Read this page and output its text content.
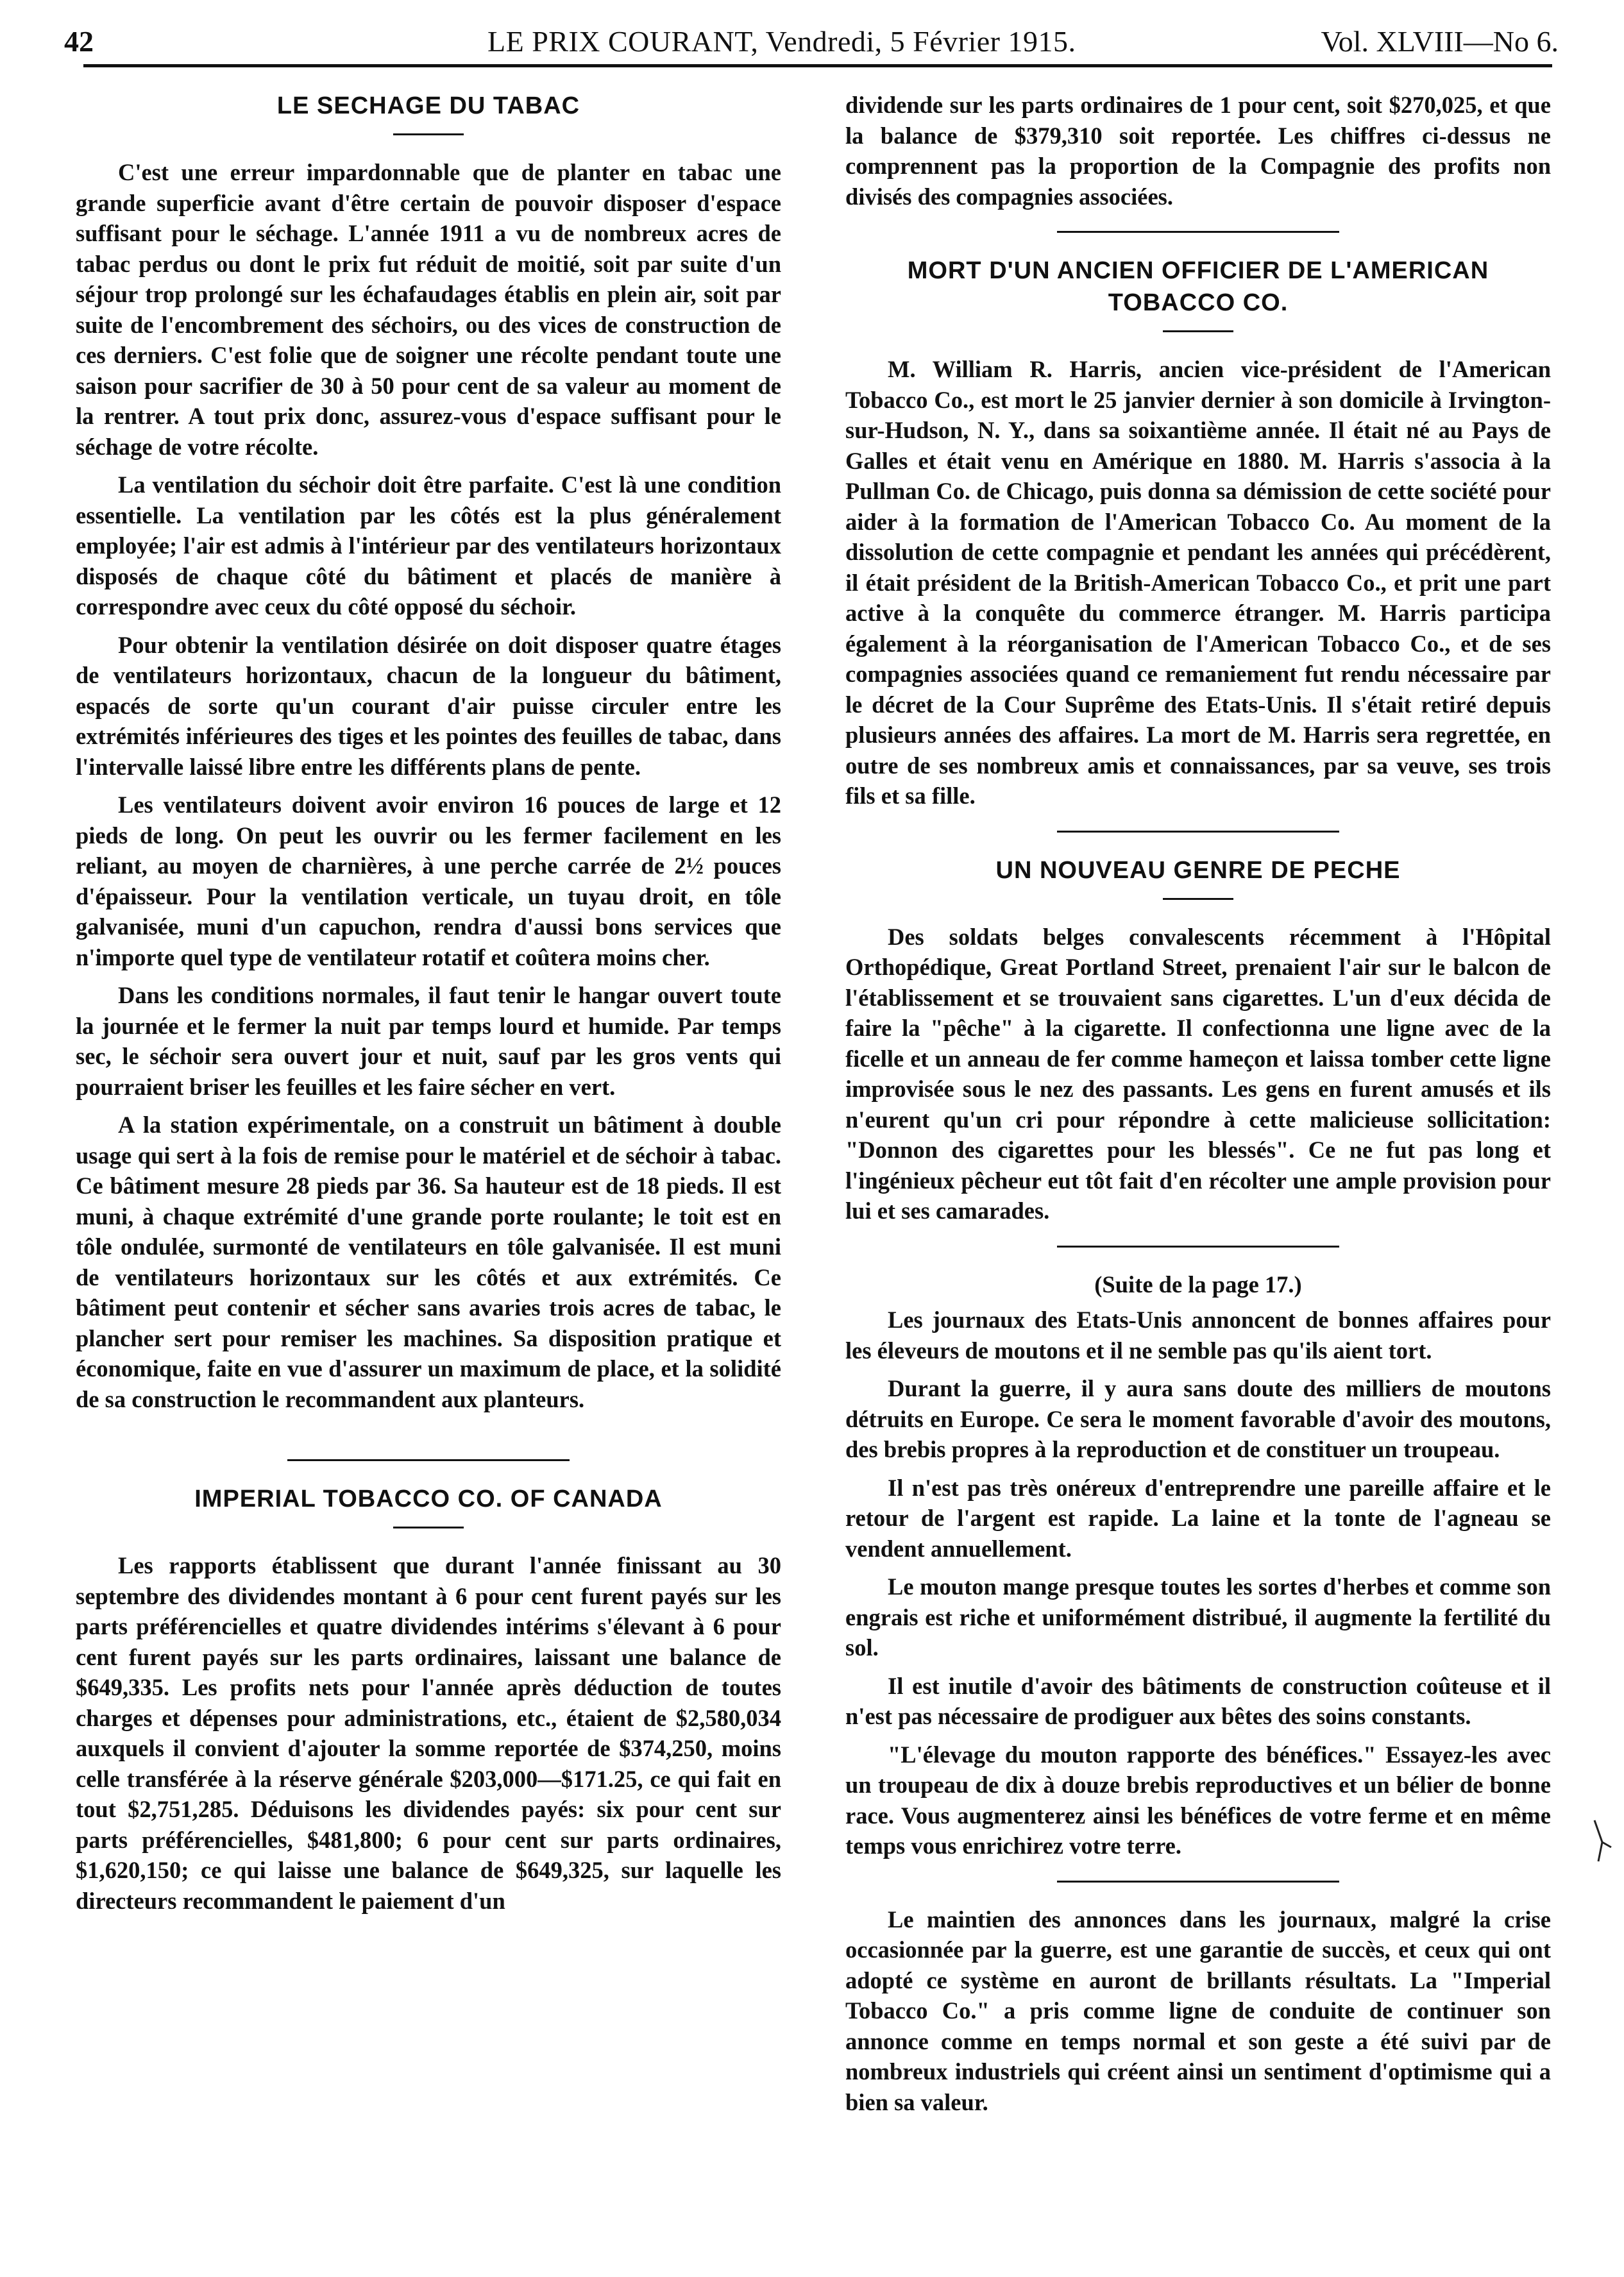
42	LE PRIX COURANT, Vendredi, 5 Février 1915.	Vol. XLVIII—No 6.
LE SECHAGE DU TABAC

C'est une erreur impardonnable que de planter en tabac une grande superficie avant d'être certain de pouvoir disposer d'espace suffisant pour le séchage. L'année 1911 a vu de nombreux acres de tabac perdus ou dont le prix fut réduit de moitié, soit par suite d'un séjour trop prolongé sur les échafaudages établis en plein air, soit par suite de l'encombrement des séchoirs, ou des vices de construction de ces derniers. C'est folie que de soigner une récolte pendant toute une saison pour sacrifier de 30 à 50 pour cent de sa valeur au moment de la rentrer. A tout prix donc, assurez-vous d'espace suffisant pour le séchage de votre récolte.

La ventilation du séchoir doit être parfaite. C'est là une condition essentielle. La ventilation par les côtés est la plus généralement employée; l'air est admis à l'intérieur par des ventilateurs horizontaux disposés de chaque côté du bâtiment et placés de manière à correspondre avec ceux du côté opposé du séchoir.

Pour obtenir la ventilation désirée on doit disposer quatre étages de ventilateurs horizontaux, chacun de la longueur du bâtiment, espacés de sorte qu'un courant d'air puisse circuler entre les extrémités inférieures des tiges et les pointes des feuilles de tabac, dans l'intervalle laissé libre entre les différents plans de pente.

Les ventilateurs doivent avoir environ 16 pouces de large et 12 pieds de long. On peut les ouvrir ou les fermer facilement en les reliant, au moyen de charnières, à une perche carrée de 2½ pouces d'épaisseur. Pour la ventilation verticale, un tuyau droit, en tôle galvanisée, muni d'un capuchon, rendra d'aussi bons services que n'importe quel type de ventilateur rotatif et coûtera moins cher.

Dans les conditions normales, il faut tenir le hangar ouvert toute la journée et le fermer la nuit par temps lourd et humide. Par temps sec, le séchoir sera ouvert jour et nuit, sauf par les gros vents qui pourraient briser les feuilles et les faire sécher en vert.

A la station expérimentale, on a construit un bâtiment à double usage qui sert à la fois de remise pour le matériel et de séchoir à tabac. Ce bâtiment mesure 28 pieds par 36. Sa hauteur est de 18 pieds. Il est muni, à chaque extrémité d'une grande porte roulante; le toit est en tôle ondulée, surmonté de ventilateurs en tôle galvanisée. Il est muni de ventilateurs horizontaux sur les côtés et aux extrémités. Ce bâtiment peut contenir et sécher sans avaries trois acres de tabac, le plancher sert pour remiser les machines. Sa disposition pratique et économique, faite en vue d'assurer un maximum de place, et la solidité de sa construction le recommandent aux planteurs.

IMPERIAL TOBACCO CO. OF CANADA

Les rapports établissent que durant l'année finissant au 30 septembre des dividendes montant à 6 pour cent furent payés sur les parts préférencielles et quatre dividendes intérims s'élevant à 6 pour cent furent payés sur les parts ordinaires, laissant une balance de $649,335. Les profits nets pour l'année après déduction de toutes charges et dépenses pour administrations, etc., étaient de $2,580,034 auxquels il convient d'ajouter la somme reportée de $374,250, moins celle transférée à la réserve générale $203,000—$171.25, ce qui fait en tout $2,751,285. Déduisons les dividendes payés: six pour cent sur parts préférencielles, $481,800; 6 pour cent sur parts ordinaires, $1,620,150; ce qui laisse une balance de $649,325, sur laquelle les directeurs recommandent le paiement d'un

dividende sur les parts ordinaires de 1 pour cent, soit $270,025, et que la balance de $379,310 soit reportée. Les chiffres ci-dessus ne comprennent pas la proportion de la Compagnie des profits non divisés des compagnies associées.

MORT D'UN ANCIEN OFFICIER DE L'AMERICAN TOBACCO CO.

M. William R. Harris, ancien vice-président de l'American Tobacco Co., est mort le 25 janvier dernier à son domicile à Irvington-sur-Hudson, N. Y., dans sa soixantième année. Il était né au Pays de Galles et était venu en Amérique en 1880. M. Harris s'associa à la Pullman Co. de Chicago, puis donna sa démission de cette société pour aider à la formation de l'American Tobacco Co. Au moment de la dissolution de cette compagnie et pendant les années qui précédèrent, il était président de la British-American Tobacco Co., et prit une part active à la conquête du commerce étranger. M. Harris participa également à la réorganisation de l'American Tobacco Co., et de ses compagnies associées quand ce remaniement fut rendu nécessaire par le décret de la Cour Suprême des Etats-Unis. Il s'était retiré depuis plusieurs années des affaires. La mort de M. Harris sera regrettée, en outre de ses nombreux amis et connaissances, par sa veuve, ses trois fils et sa fille.

UN NOUVEAU GENRE DE PECHE

Des soldats belges convalescents récemment à l'Hôpital Orthopédique, Great Portland Street, prenaient l'air sur le balcon de l'établissement et se trouvaient sans cigarettes. L'un d'eux décida de faire la "pêche" à la cigarette. Il confectionna une ligne avec de la ficelle et un anneau de fer comme hameçon et laissa tomber cette ligne improvisée sous le nez des passants. Les gens en furent amusés et ils n'eurent qu'un cri pour répondre à cette malicieuse sollicitation: "Donnon des cigarettes pour les blessés". Ce ne fut pas long et l'ingénieux pêcheur eut tôt fait d'en récolter une ample provision pour lui et ses camarades.

(Suite de la page 17.)

Les journaux des Etats-Unis annoncent de bonnes affaires pour les éleveurs de moutons et il ne semble pas qu'ils aient tort.

Durant la guerre, il y aura sans doute des milliers de moutons détruits en Europe. Ce sera le moment favorable d'avoir des moutons, des brebis propres à la reproduction et de constituer un troupeau.

Il n'est pas très onéreux d'entreprendre une pareille affaire et le retour de l'argent est rapide. La laine et la tonte de l'agneau se vendent annuellement.

Le mouton mange presque toutes les sortes d'herbes et comme son engrais est riche et uniformément distribué, il augmente la fertilité du sol.

Il est inutile d'avoir des bâtiments de construction coûteuse et il n'est pas nécessaire de prodiguer aux bêtes des soins constants.

"L'élevage du mouton rapporte des bénéfices." Essayez-les avec un troupeau de dix à douze brebis reproductives et un bélier de bonne race. Vous augmenterez ainsi les bénéfices de votre ferme et en même temps vous enrichirez votre terre.

Le maintien des annonces dans les journaux, malgré la crise occasionnée par la guerre, est une garantie de succès, et ceux qui ont adopté ce système en auront de brillants résultats. La "Imperial Tobacco Co." a pris comme ligne de conduite de continuer son annonce comme en temps normal et son geste a été suivi par de nombreux industriels qui créent ainsi un sentiment d'optimisme qui a bien sa valeur.
